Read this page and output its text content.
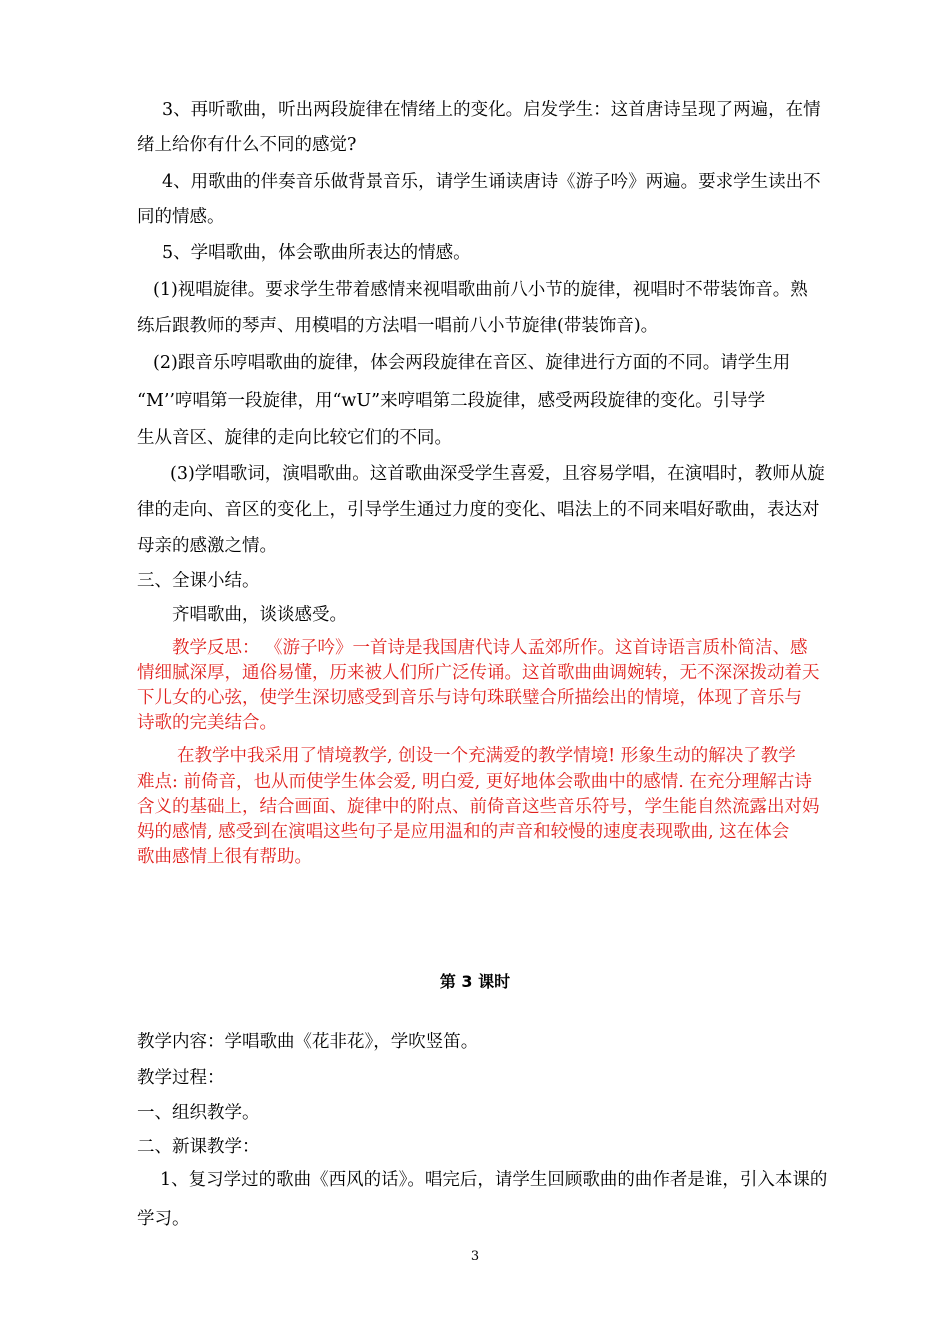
3、再听歌曲，听出两段旋律在情绪上的变化。启发学生：这首唐诗呈现了两遍，在情
绪上给你有什么不同的感觉?
4、用歌曲的伴奏音乐做背景音乐，请学生诵读唐诗《游子吟》两遍。要求学生读出不
同的情感。
5、学唱歌曲，体会歌曲所表达的情感。
(1)视唱旋律。要求学生带着感情来视唱歌曲前八小节的旋律，视唱时不带装饰音。熟
练后跟教师的琴声、用模唱的方法唱一唱前八小节旋律(带装饰音)。
(2)跟音乐哼唱歌曲的旋律，体会两段旋律在音区、旋律进行方面的不同。请学生用
“M’’哼唱第一段旋律，用“wU”来哼唱第二段旋律，感受两段旋律的变化。引导学
生从音区、旋律的走向比较它们的不同。
(3)学唱歌词，演唱歌曲。这首歌曲深受学生喜爱，且容易学唱，在演唱时，教师从旋
律的走向、音区的变化上，引导学生通过力度的变化、唱法上的不同来唱好歌曲，表达对
母亲的感激之情。
三、全课小结。
齐唱歌曲，谈谈感受。
教学反思： 《游子吟》一首诗是我国唐代诗人孟郊所作。这首诗语言质朴简洁、感
情细腻深厚，通俗易懂，历来被人们所广泛传诵。这首歌曲曲调婉转，无不深深拨动着天
下儿女的心弦，使学生深切感受到音乐与诗句珠联璧合所描绘出的情境，体现了音乐与
诗歌的完美结合。
在教学中我采用了情境教学, 创设一个充满爱的教学情境! 形象生动的解决了教学
难点: 前倚音，也从而使学生体会爱, 明白爱, 更好地体会歌曲中的感情. 在充分理解古诗
含义的基础上，结合画面、旋律中的附点、前倚音这些音乐符号，学生能自然流露出对妈
妈的感情, 感受到在演唱这些句子是应用温和的声音和较慢的速度表现歌曲, 这在体会
歌曲感情上很有帮助。
第 3 课时
教学内容：学唱歌曲《花非花》，学吹竖笛。
教学过程：
一、组织教学。
二、新课教学：
1、复习学过的歌曲《西风的话》。唱完后，请学生回顾歌曲的曲作者是谁，引入本课的
学习。
3
